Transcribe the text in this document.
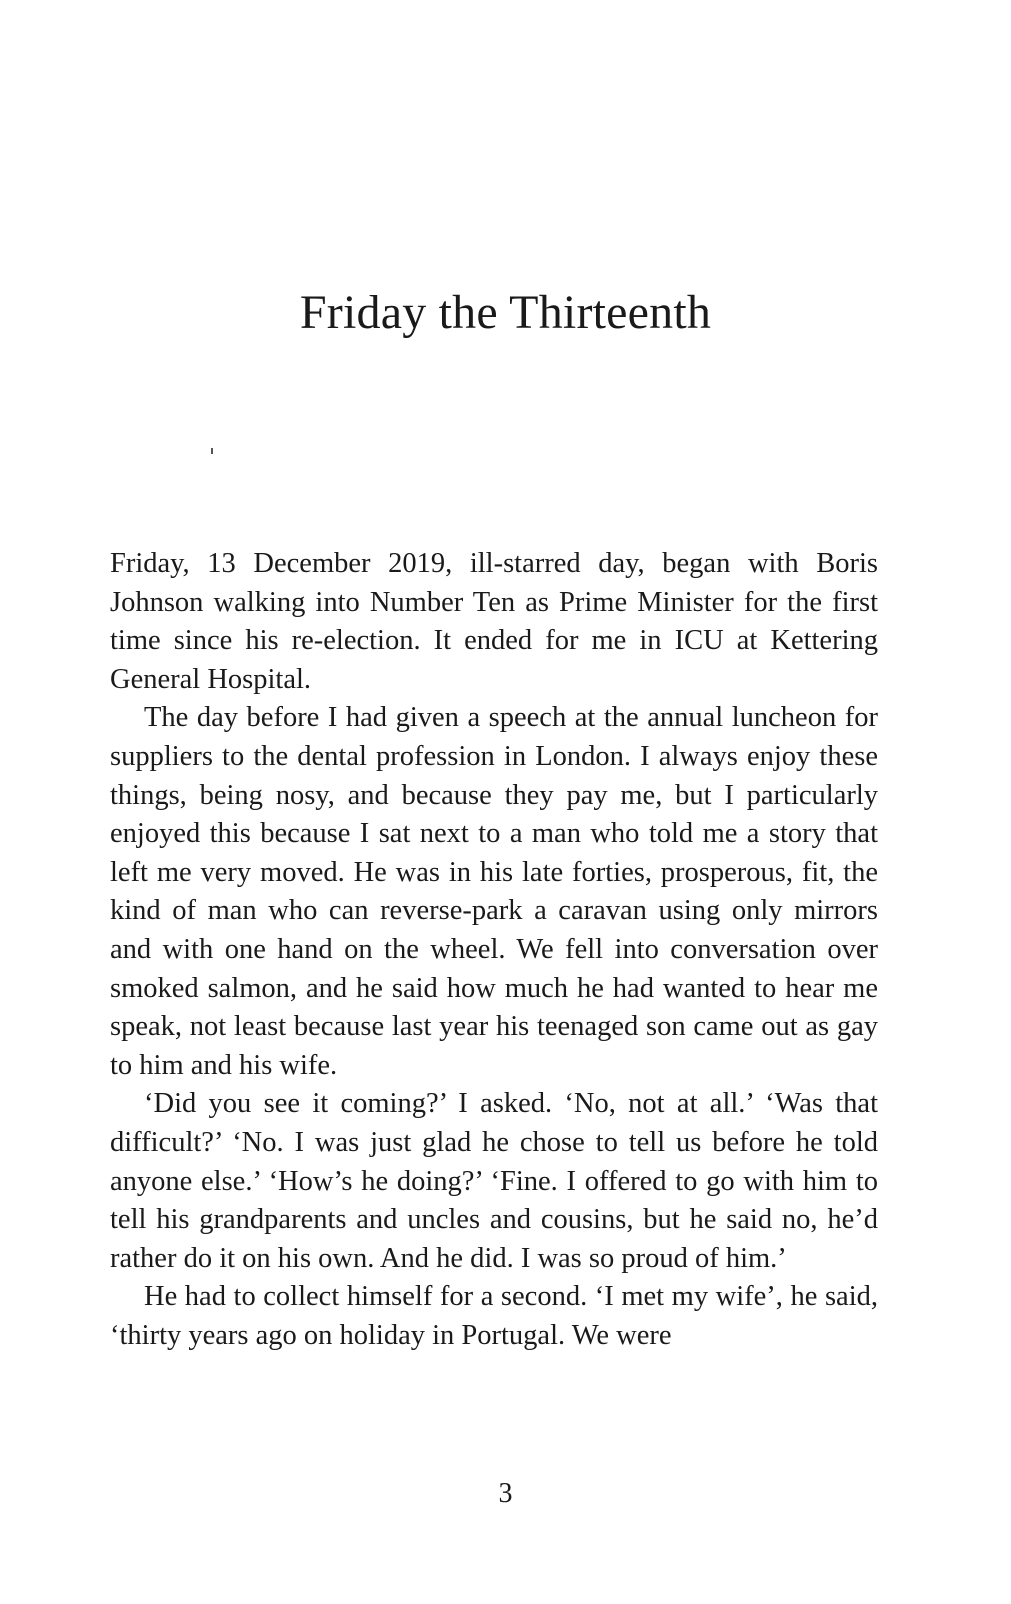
Friday the Thirteenth

Friday, 13 December 2019, ill-starred day, began with Boris Johnson walking into Number Ten as Prime Minister for the first time since his re-election. It ended for me in ICU at Kettering General Hospital.

The day before I had given a speech at the annual luncheon for suppliers to the dental profession in London. I always enjoy these things, being nosy, and because they pay me, but I particularly enjoyed this because I sat next to a man who told me a story that left me very moved. He was in his late forties, prosperous, fit, the kind of man who can reverse-park a caravan using only mirrors and with one hand on the wheel. We fell into conversation over smoked salmon, and he said how much he had wanted to hear me speak, not least because last year his teenaged son came out as gay to him and his wife.

‘Did you see it coming?’ I asked. ‘No, not at all.’ ‘Was that difficult?’ ‘No. I was just glad he chose to tell us before he told anyone else.’ ‘How’s he doing?’ ‘Fine. I offered to go with him to tell his grandparents and uncles and cousins, but he said no, he’d rather do it on his own. And he did. I was so proud of him.’

He had to collect himself for a second. ‘I met my wife’, he said, ‘thirty years ago on holiday in Portugal. We were

3
